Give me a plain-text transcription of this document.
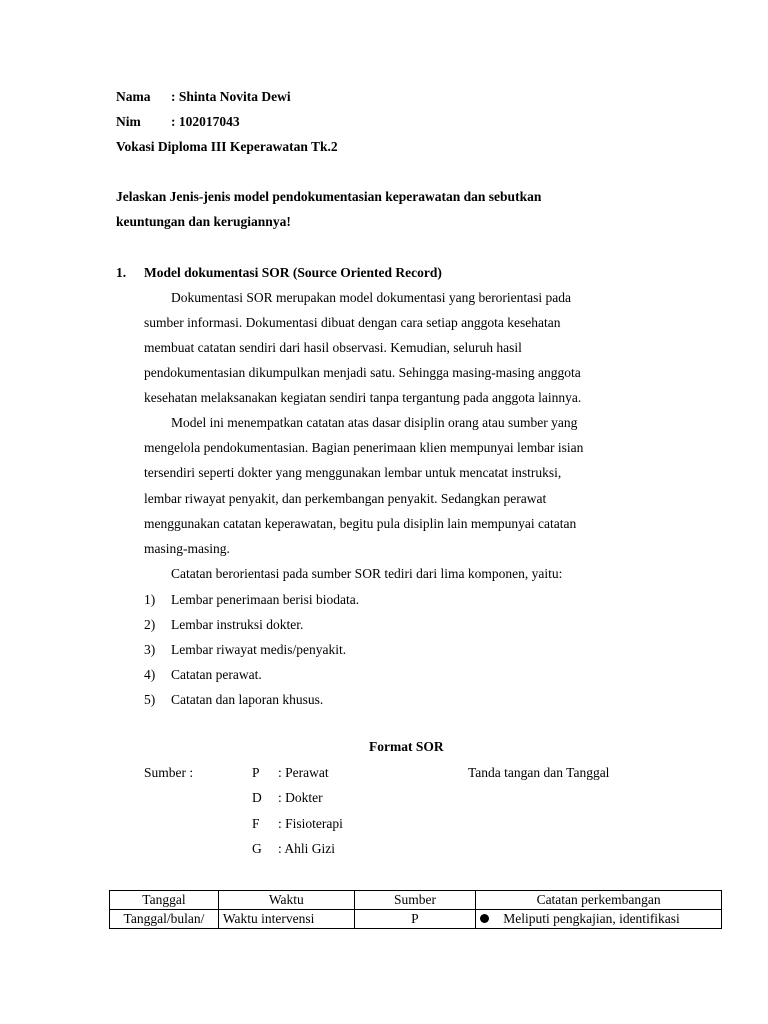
Nama : Shinta Novita Dewi
Nim : 102017043
Vokasi Diploma III Keperawatan Tk.2
Jelaskan Jenis-jenis model pendokumentasian keperawatan dan sebutkan
keuntungan dan kerugiannya!
1. Model dokumentasi SOR (Source Oriented Record)
Dokumentasi SOR merupakan model dokumentasi yang berorientasi pada
sumber informasi. Dokumentasi dibuat dengan cara setiap anggota kesehatan
membuat catatan sendiri dari hasil observasi. Kemudian, seluruh hasil
pendokumentasian dikumpulkan menjadi satu. Sehingga masing-masing anggota
kesehatan melaksanakan kegiatan sendiri tanpa tergantung pada anggota lainnya.
Model ini menempatkan catatan atas dasar disiplin orang atau sumber yang
mengelola pendokumentasian. Bagian penerimaan klien mempunyai lembar isian
tersendiri seperti dokter yang menggunakan lembar untuk mencatat instruksi,
lembar riwayat penyakit, dan perkembangan penyakit. Sedangkan perawat
menggunakan catatan keperawatan, begitu pula disiplin lain mempunyai catatan
masing-masing.
Catatan berorientasi pada sumber SOR tediri dari lima komponen, yaitu:
1) Lembar penerimaan berisi biodata.
2) Lembar instruksi dokter.
3) Lembar riwayat medis/penyakit.
4) Catatan perawat.
5) Catatan dan laporan khusus.
Format SOR
Sumber :	Tanda tangan dan Tanggal
P : Perawat
D : Dokter
F : Fisioterapi
G : Ahli Gizi
Tanggal	Waktu	Sumber	Catatan perkembangan
Tanggal/bulan/	Waktu intervensi	P	Meliputi pengkajian, identifikasi
